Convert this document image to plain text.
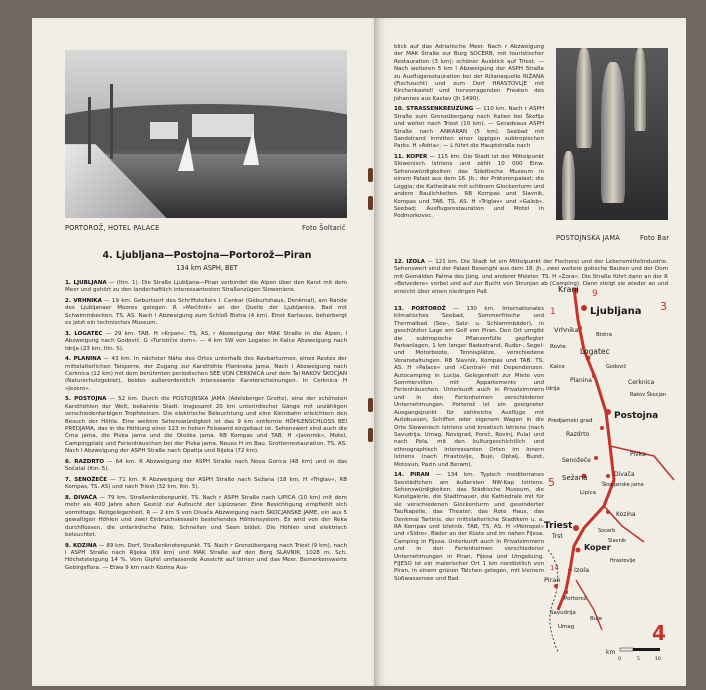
PORTOROŽ, HOTEL PALACE	Foto Šoltarič
4. Ljubljana—Postojna—Portorož—Piran
134 km ASPH, BET

1. LJUBLJANA — (Itin. 1). Die Straße Ljubljana—Piran verbindet die Alpen über den Karst mit dem Meer und gehört zu den landschaftlich interessantesten Straßenzügen Sloweniens.

2. VRHNIKA — 19 km. Geburtsort des Schriftstellers I. Cankar (Geburtshaus, Denkmal), am Rande des Ljubljanaer Moores gelegen. R »Močilnik« an der Quelle der Ljubljanica. Bad mit Schwimmbecken. TS, AS. Nach l Abzweigung zum Schloß Bistra (4 km). Einst Kartause, beherbergt es jetzt ein technisches Museum.

3. LOGATEC — 29 km. TAB. H »Krpan«. TS, AS, r Abzweigung der MAK Straße in die Alpen, l Abzweigung nach Godovič. G »Turistični dom«. — 4 km SW von Logatec in Kalce Abzweigung nach Idrija (23 km, Itin. 5).

4. PLANINA — 43 km. In nächster Nähe des Ortes unterhalb des Ravbarturmes, eines Restes der mittelalterlichen Talsperre, der Zugang zur Karsthöhle Planinska jama. Nach l Abzweigung nach Cerknica (12 km) mit dem berühmten periodischen SEE VON CERKNICA und dem Tal RAKOV ŠKOCJAN (Naturschutzgebiet), beides außerordentlich interessante Karsterscheinungen. In Cerknica H »Jezero«.

5. POSTOJNA — 52 km. Durch die POSTOJNSKA JAMA (Adelsberger Grotte), eine der schönsten Karsthöhlen der Welt, bekannte Stadt. Insgesamt 20 km unterirdischer Gänge mit unzähligen verschiedenfarbigen Tropfsteinen. Die elektrische Beleuchtung und eine Kleinbahn erleichtern den Besuch der Höhle. Eine weitere Sehenswürdigkeit ist das 9 km entfernte HÖHLENSCHLOSS BEI PREDJAMA, das in die Höhlung einer 123 m hohen Felswand eingebaut ist. Sehenswert sind auch die Črna jama, die Pivka jama und die Otoška jama. RB Kompas und TAB. H »Javornik«, Motel, Campingplatz und Ferienhäuschen bei der Pivka jama. Neues H im Bau. Grottenrestauration. TS, AS. Nach l Abzweigung der ASPH Straße nach Opatija und Rijeka (72 km).

6. RAZDRTO — 64 km. R Abzweigung der ASPH Straße nach Nova Gorica (48 km) und in das Sočatal (Itin. 5).

7. SENOŽEČE — 71 km. R Abzweigung der ASPH Straße nach Sežana (18 km, H »Triglav«, RB Kompas, TS, AS) und nach Triest (32 km, Itin. 5).

8. DIVAČA — 79 km. Straßenknotenpunkt. TS. Nach r ASPH Straße nach LIPICA (10 km) mit dem mehr als 400 Jahre alten Gestüt zur Aufzucht der Lipizzaner. Eine Besichtigung empfiehlt sich vormittags. Reitgelegenheit. R — 2 km S von Divača Abzweigung nach ŠKOCJANSKE JAME, ein aus 5 gewaltigen Höhlen und zwei Einbruchskesseln bestehendes Höhlensystem. Es wird von der Reka durchflossen, die unterirdische Fälle, Schnellen und Seen bildet. Die Höhlen sind elektrisch beleuchtet.

9. KOZINA — 89 km. Dorf, Straßenknotenpunkt. TS. Nach r Grenzübergang nach Triest (9 km), nach l ASPH Straße nach Rijeka (69 km) und MAK Straße auf den Berg SLAVNIK, 1028 m, Sch, Höchststeigung 14 %. Vom Gipfel umfassende Aussicht auf Istrien und das Meer. Bemerkenswerte Gebirgsflora. — Etwa 9 km nach Kozina Aus-

blick auf das Adriatische Meer. Nach r Abzweigung der MAK Straße zur Burg SOCERB, mit touristischer Restauration (3 km); schöner Ausblick auf Triest. — Nach weiteren 5 km l Abzweigung der ASPH Straße zu Ausflugsrestauration bei der Rižanaquelle RIŽANA (Fischzucht) und zum Dorf HRASTOVLJE mit Kirchenkastell und hervorragenden Fresken des Johannes aus Kastav (Jh 1490).

10. STRASSENKREUZUNG — 110 km. Nach r ASPH Straße zum Grenzübergang nach Italien bei Škofije und weiter nach Triest (10 km). — Geradeaus ASPH Straße nach ANKARAN (5 km). Seebad mit Sandstrand inmitten einer üppigen subtropischen Parks. H »Adria«. — L führt die Hauptstraße nach

11. KOPER — 115 km. Die Stadt ist der Mittelpunkt Slowenisch Istriens und zählt 10 000 Einw. Sehenswürdigkeiten: das Städtische Museum in einem Palast aus dem 16. Jh.; der Prätorenpalast; die Loggia; die Kathedrale mit schönem Glockenturm und andere Baulichkeiten. RB Kompas und Slavnik, Kompas und TAB. TS, AS. H »Triglav« und »Galeb«. Seebad; Ausflugsrestauration und Motel in Podmorkovec.

POSTOJNSKA JAMA	Foto Bar

12. IZOLA — 121 km. Die Stadt ist ein Mittelpunkt der Fischerei und der Lebensmittelindustrie. Sehenswert sind der Palast Besenghi aus dem 18. Jh., zwei weitere gotische Bauten und der Dom mit Gemälden Palma des Jüng. und anderer Meister. TS. H »Zora«. Die Straße führt dann an der R »Belvedere« vorbei und auf zur Bucht von Strunjan ab (Camping). Dann steigt sie wieder an und erreicht über einen niedrigen Paß

13. PORTOROŽ — 130 km. Internationales klimatisches Seebad, Sommerfrische und Thermalbad (See-, Salz- u. Schlammbäder), in geschützter Lage am Golf von Piran. Den Ort umgibt die subtropische Pflanzenfülle gepflegter Parkanlagen, 1 km langer Badestrand, Ruder-, Segel- und Motorboote, Tennisplätze, verschiedene Veranstaltungen. RB Slavnik, Kompas und TAB. TS, AS. H »Palace« und »Central« mit Dependenzen. Autocamping in Lucija. Gelegenheit zur Miete von Sommervillen mit Appartements und Ferienhäuschen. Unterkunft auch in Privatzimmern und in den Ferienheimen verschiedener Unternehmungen. Portorož ist ein geeigneter Ausgangspunkt für zahlreiche Ausflüge mit Autobussen, Schiffen oder eigenem Wagen in die Orte Slowenisch Istriens und kroatisch Istriens (nach Savudrija, Umag, Novigrad, Poreč, Rovinj, Pula) und nach Pola, mit den kulturgeschichtlich und ethnographisch interessanten Orten im Innern Istriens (nach Hrastovlje, Buje, Optalj, Buzet, Motovun, Pazin und Beram).

14. PIRAN — 134 km. Typisch mediterranes Seestädtchen am äußersten NW-Kap Istriens. Sehenswürdigkeiten: das Städtische Museum, die Kunstgalerie, die Stadtmauer, die Kathedrale mit für sie verschiedenen Glockenturm und gesonderter Taufkapelle, das Theater, das Rote Haus, das Denkmal Tartinis, der mittelalterliche Stadtkern u. a. RA Kompas und Izletnik. TAB, TS, AS. H »Metropol« und »Sidro«. Bäder an der Küste und im nahen Fijesa. Camping in Fijesa. Unterkunft auch in Privatzimmern und in den Ferienheimen verschiedener Unternehmungen in Piran, Fijesa und Umgebung. FIJESO ist ein malerischer Ort 1 km nordöstlich von Piran, in einem grünen Tälchen gelegen, mit kleinem Süßwassersee und Bad.

Kranj
Ljubljana
Vrhnika
Bistra
Rovte Logatec
Kalce	Godovič
Planina
Idrija
Postojna
Cerknica
Rakov Škocjan
Predjamski grad
Pivka
Razdrto
Senožeče
Sežana	Divača
Škocjanske jame
Lipica
Kozina
Triest
Trst
Koper
Izola
Piran
Portorož
Socerb
Slavnik
Hrastovlje
Savudrija
Umag
Buje
4
1	3
5
9
14
km
0	5	10
